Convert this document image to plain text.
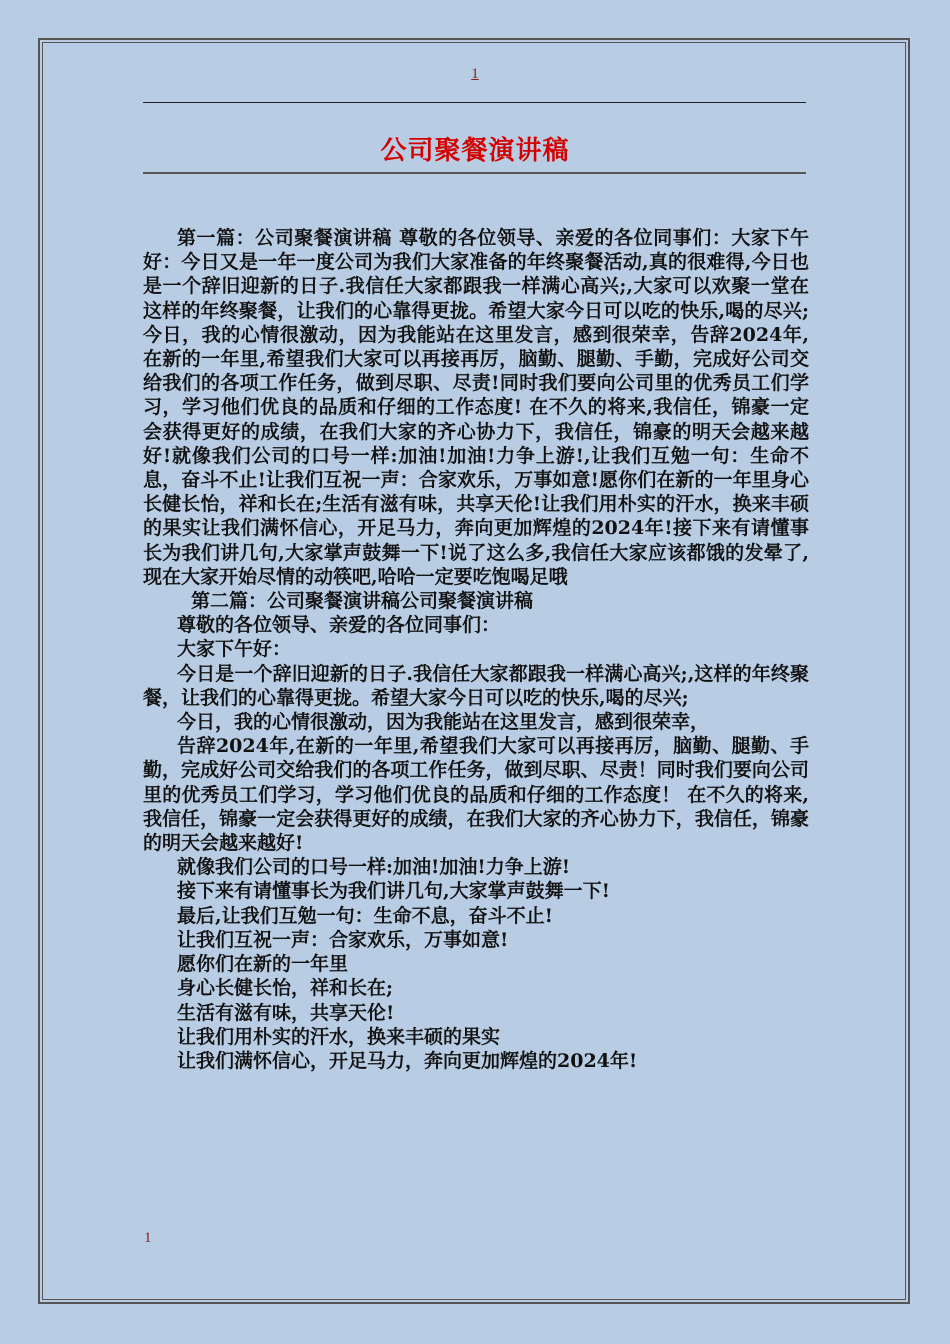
1
公司聚餐演讲稿

第一篇：公司聚餐演讲稿 尊敬的各位领导、亲爱的各位同事们：大家下午好：今日又是一年一度公司为我们大家准备的年终聚餐活动,真的很难得,今日也是一个辞旧迎新的日子.我信任大家都跟我一样满心高兴;,大家可以欢聚一堂在这样的年终聚餐，让我们的心靠得更拢。希望大家今日可以吃的快乐,喝的尽兴;今日，我的心情很激动，因为我能站在这里发言，感到很荣幸，告辞2024年,在新的一年里,希望我们大家可以再接再厉，脑勤、腿勤、手勤，完成好公司交给我们的各项工作任务，做到尽职、尽责!同时我们要向公司里的优秀员工们学习，学习他们优良的品质和仔细的工作态度! 在不久的将来,我信任，锦豪一定会获得更好的成绩，在我们大家的齐心协力下，我信任，锦豪的明天会越来越好!就像我们公司的口号一样:加油!加油!力争上游!,让我们互勉一句：生命不息，奋斗不止!让我们互祝一声：合家欢乐，万事如意!愿你们在新的一年里身心长健长怡，祥和长在;生活有滋有味，共享天伦!让我们用朴实的汗水，换来丰硕的果实让我们满怀信心，开足马力，奔向更加辉煌的2024年!接下来有请懂事长为我们讲几句,大家掌声鼓舞一下!说了这么多,我信任大家应该都饿的发晕了,现在大家开始尽情的动筷吧,哈哈一定要吃饱喝足哦

第二篇：公司聚餐演讲稿公司聚餐演讲稿

尊敬的各位领导、亲爱的各位同事们：

大家下午好：

今日是一个辞旧迎新的日子.我信任大家都跟我一样满心高兴;,这样的年终聚餐，让我们的心靠得更拢。希望大家今日可以吃的快乐,喝的尽兴;

今日，我的心情很激动，因为我能站在这里发言，感到很荣幸，

告辞2024年,在新的一年里,希望我们大家可以再接再厉，脑勤、腿勤、手勤，完成好公司交给我们的各项工作任务，做到尽职、尽责！同时我们要向公司里的优秀员工们学习，学习他们优良的品质和仔细的工作态度！ 在不久的将来,我信任，锦豪一定会获得更好的成绩，在我们大家的齐心协力下，我信任，锦豪的明天会越来越好!

就像我们公司的口号一样:加油!加油!力争上游!

接下来有请懂事长为我们讲几句,大家掌声鼓舞一下!

最后,让我们互勉一句：生命不息，奋斗不止!

让我们互祝一声：合家欢乐，万事如意!

愿你们在新的一年里

身心长健长怡，祥和长在;

生活有滋有味，共享天伦!

让我们用朴实的汗水，换来丰硕的果实

让我们满怀信心，开足马力，奔向更加辉煌的2024年!

1
